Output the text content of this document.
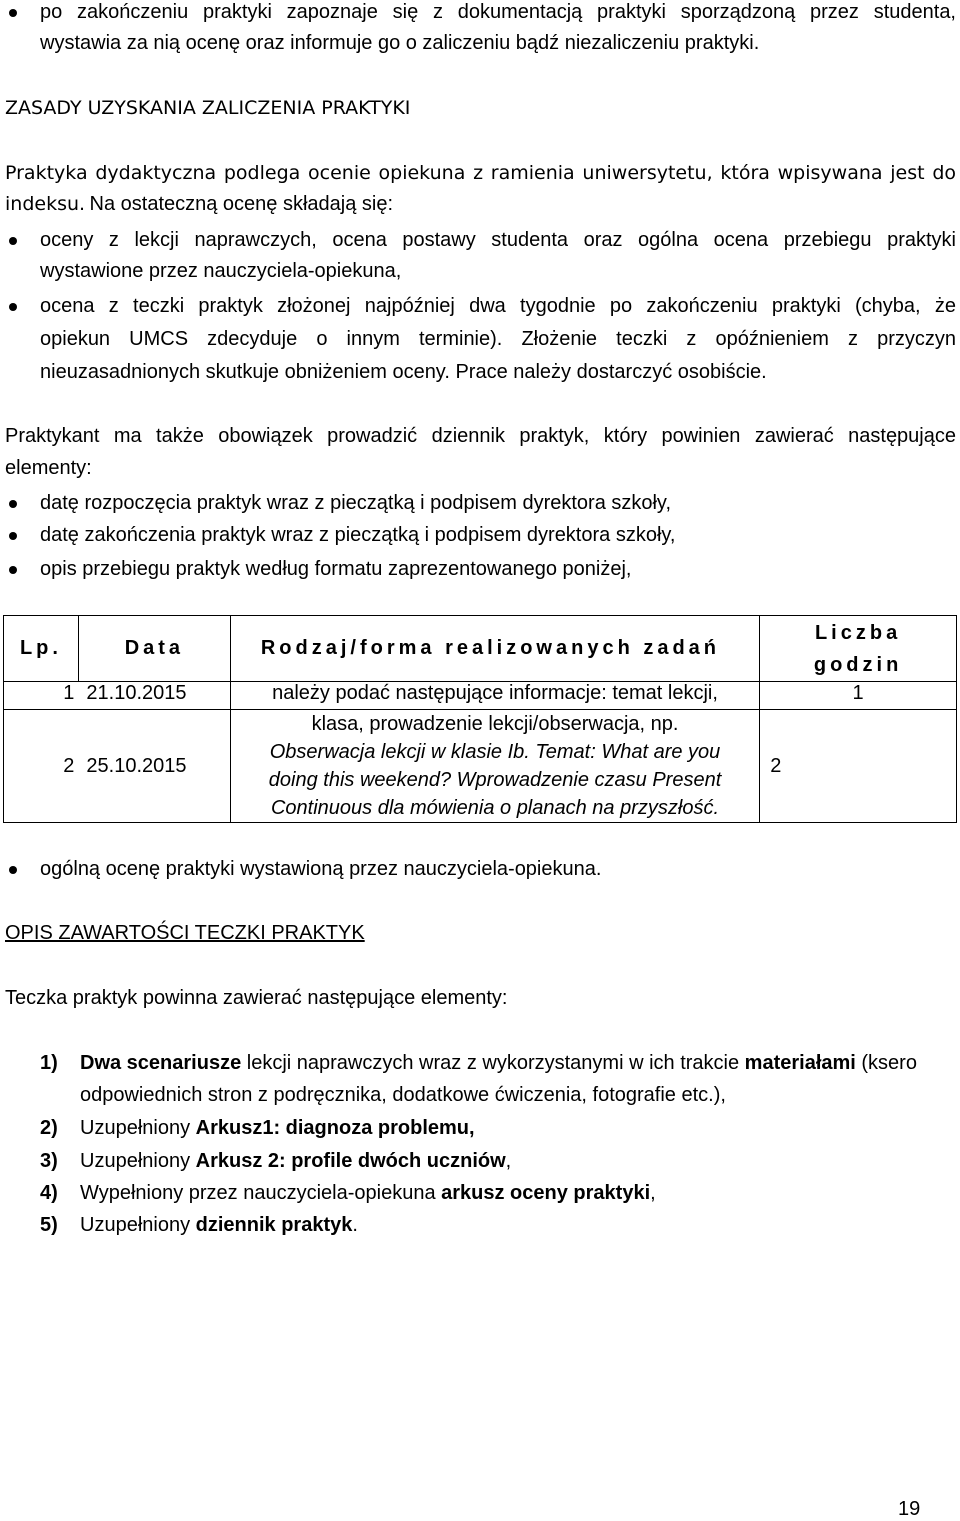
po zakończeniu praktyki zapoznaje się z dokumentacją praktyki sporządzoną przez studenta,
wystawia za nią ocenę oraz informuje go o zaliczeniu bądź niezaliczeniu praktyki.
ZASADY UZYSKANIA ZALICZENIA PRAKTYKI
Praktyka dydaktyczna podlega ocenie opiekuna z ramienia uniwersytetu, która wpisywana jest do
indeksu. Na ostateczną ocenę składają się:
oceny z lekcji naprawczych, ocena postawy studenta oraz ogólna ocena przebiegu praktyki
wystawione przez nauczyciela-opiekuna,
ocena z teczki praktyk złożonej najpóźniej dwa tygodnie po zakończeniu praktyki (chyba, że
opiekun UMCS zdecyduje o innym terminie). Złożenie teczki z opóźnieniem z przyczyn
nieuzasadnionych skutkuje obniżeniem oceny. Prace należy dostarczyć osobiście.
Praktykant ma także obowiązek prowadzić dziennik praktyk, który powinien zawierać następujące
elementy:
datę rozpoczęcia praktyk wraz z pieczątką i podpisem dyrektora szkoły,
datę zakończenia praktyk wraz z pieczątką i podpisem dyrektora szkoły,
opis przebiegu praktyk według formatu zaprezentowanego poniżej,
Lp.	Data	Rodzaj/forma realizowanych zadań	Liczba
godzin

1	21.10.2015	należy podać następujące informacje: temat lekcji,	1
2	25.10.2015	klasa, prowadzenie lekcji/obserwacja, np.
Obserwacja lekcji w klasie Ib. Temat: What are you
doing this weekend? Wprowadzenie czasu Present
Continuous dla mówienia o planach na przyszłość.	2
ogólną ocenę praktyki wystawioną przez nauczyciela-opiekuna.
OPIS ZAWARTOŚCI TECZKI PRAKTYK
Teczka praktyk powinna zawierać następujące elementy:
1) Dwa scenariusze lekcji naprawczych wraz z wykorzystanymi w ich trakcie materiałami (ksero
odpowiednich stron z podręcznika, dodatkowe ćwiczenia, fotografie etc.),
2) Uzupełniony Arkusz1: diagnoza problemu,
3) Uzupełniony Arkusz 2: profile dwóch uczniów,
4) Wypełniony przez nauczyciela-opiekuna arkusz oceny praktyki,
5) Uzupełniony dziennik praktyk.
19
